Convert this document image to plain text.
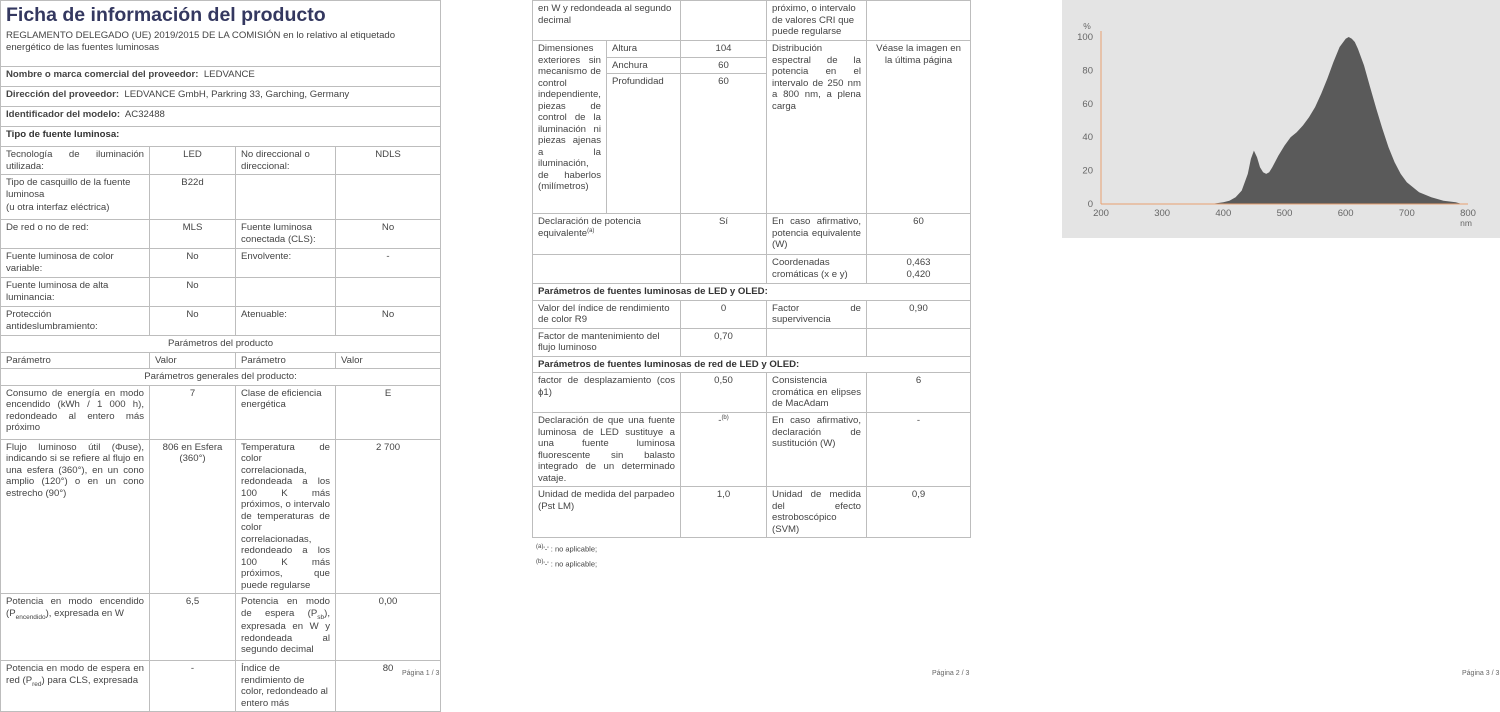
Ficha de información del producto
REGLAMENTO DELEGADO (UE) 2019/2015 DE LA COMISIÓN en lo relativo al etiquetado energético de las fuentes luminosas			

Nombre o marca comercial del proveedor: LEDVANCE			
Dirección del proveedor: LEDVANCE GmbH, Parkring 33, Garching, Germany			
Identificador del modelo: AC32488			
Tipo de fuente luminosa:			
Tecnología de iluminación utilizada:	LED	No direccional o direccional:	NDLS

Tipo de casquillo de la fuente luminosa
(u otra interfaz eléctrica)	B22d		
De red o no de red:	MLS	Fuente luminosa conectada (CLS):	No
Fuente luminosa de color variable:	No	Envolvente:	-
Fuente luminosa de alta luminancia:	No		
Protección antideslumbramiento:	No	Atenuable:	No
Parámetros del producto			
Parámetro	Valor	Parámetro	Valor
Parámetros generales del producto:			
Consumo de energía en modo encendido (kWh / 1 000 h), redondeado al entero más próximo	7	Clase de eficiencia energética	E
Flujo luminoso útil (Φuse), indicando si se refiere al flujo en una esfera (360°), en un cono amplio (120°) o en un cono estrecho (90°)	806 en Esfera (360°)	Temperatura de color correlacionada, redondeada a los 100 K más próximos, o intervalo de temperaturas de color correlacionadas, redondeado a los 100 K más próximos, que puede regularse	2 700
Potencia en modo encendido $(P_{encendido})$, expresada en W	6,5	Potencia en modo de espera $(P_{sb})$, expresada en W y redondeada al segundo decimal	0,00
Potencia en modo de espera en red $(P_{red})$ para CLS, expresada	-	Índice de rendimiento de color, redondeado al entero más	80 Página 1 / 3
en W y redondeada al segundo decimal			próximo, o intervalo de valores CRI que puede regularse	
Dimensiones exteriores sin mecanismo de control independiente, piezas de control de la iluminación ni piezas ajenas a la iluminación, de haberlos (milímetros)	Altura	104	Distribución espectral de la potencia en el intervalo de 250 nm a 800 nm, a plena carga	Véase la imagen en la última página
	Anchura	60		
	Profundidad	60		
Declaración de potencia equivalente$^{(a)}$		Sí	En caso afirmativo, potencia equivalente (W)	60
			Coordenadas cromáticas (x e y)	0,463
0,420

Parámetros de fuentes luminosas de LED y OLED:				
Valor del índice de rendimiento de color R9		0	Factor de supervivencia	0,90
Factor de mantenimiento del flujo luminoso		0,70		
Parámetros de fuentes luminosas de red de LED y OLED:				
factor de desplazamiento (cos ϕ1)		0,50	Consistencia cromática en elipses de MacAdam	6
Declaración de que una fuente luminosa de LED sustituye a una fuente luminosa fluorescente sin balasto integrado de un determinado vataje.		-$^{(b)}$	En caso afirmativo, declaración de sustitución (W)	-
Unidad de medida del parpadeo (Pst LM)		1,0	Unidad de medida del efecto estroboscópico (SVM)	0,9
$^{(a)}$'-' : no aplicable;
$^{(b)}$'-' : no aplicable;
Página 2 / 3
0
20
40
60
80
100
200	300	400	500	600	700	800
%
nm
Página 3 / 3
